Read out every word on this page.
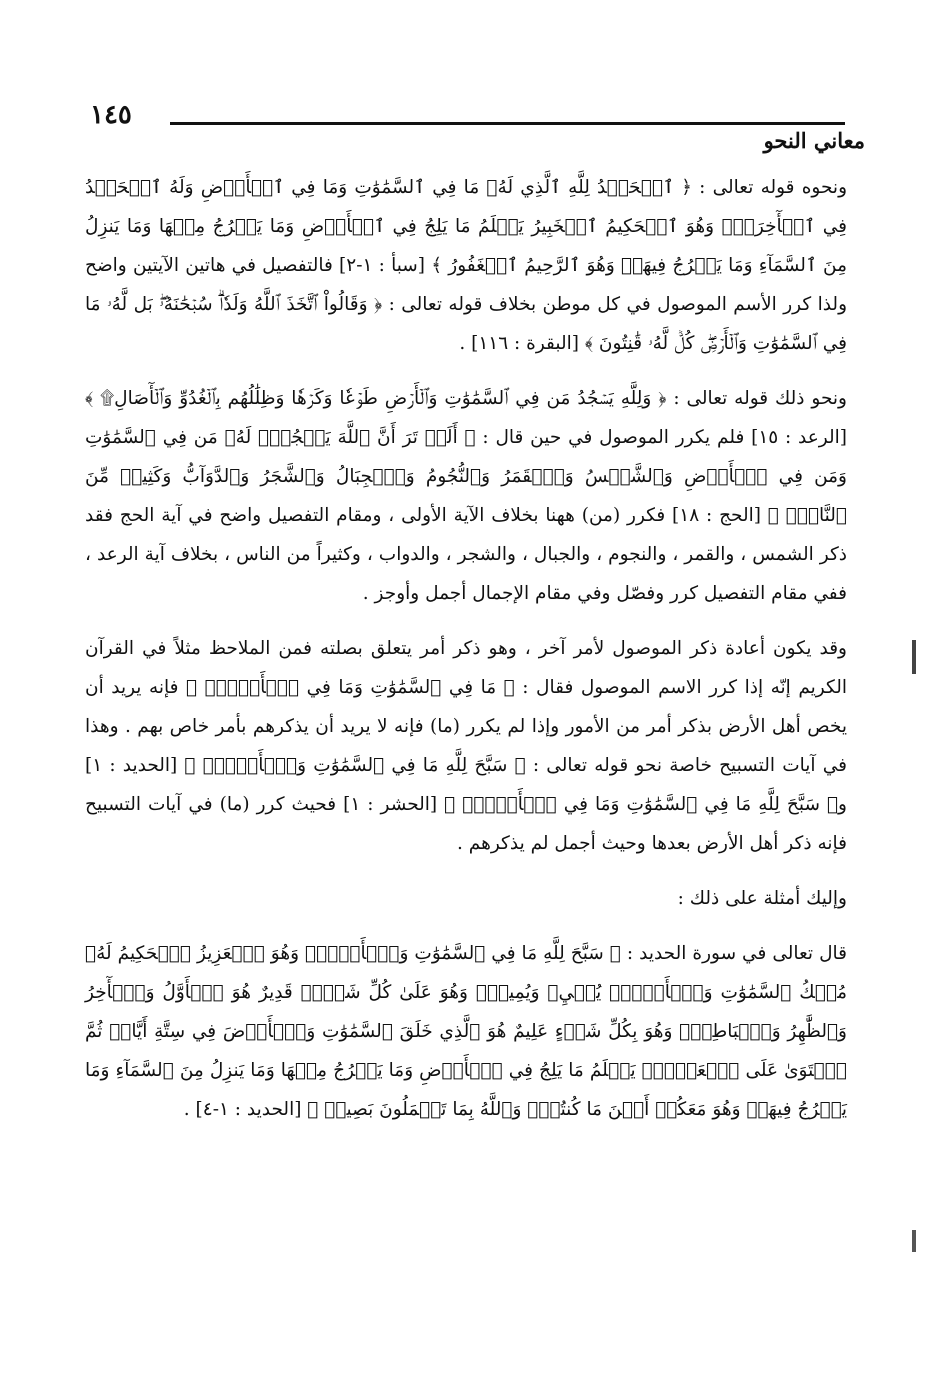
١٤٥
معاني النحو

ونحوه قوله تعالى : ﴿ ٱلۡحَمۡدُ لِلَّهِ ٱلَّذِي لَهُۥ مَا فِي ٱلسَّمَٰوَٰتِ وَمَا فِي ٱلۡأَرۡضِ وَلَهُ ٱلۡحَمۡدُ فِي ٱلۡأٓخِرَةِۚ وَهُوَ ٱلۡحَكِيمُ ٱلۡخَبِيرُ يَعۡلَمُ مَا يَلِجُ فِي ٱلۡأَرۡضِ وَمَا يَخۡرُجُ مِنۡهَا وَمَا يَنزِلُ مِنَ ٱلسَّمَآءِ وَمَا يَعۡرُجُ فِيهَاۚ وَهُوَ ٱلرَّحِيمُ ٱلۡغَفُورُ ﴾ [سبأ : ١-٢] فالتفصيل في هاتين الآيتين واضح ولذا كرر الأسم الموصول في كل موطن بخلاف قوله تعالى : ﴿ وَقَالُواْ ٱتَّخَذَ ٱللَّهُ وَلَدٗاۗ سُبۡحَٰنَهُۥۖ بَل لَّهُۥ مَا فِي ٱلسَّمَٰوَٰتِ وَٱلۡأَرۡضِۖ كُلّٞ لَّهُۥ قَٰنِتُونَ ﴾ [البقرة : ١١٦] .

ونحو ذلك قوله تعالى : ﴿ وَلِلَّهِ يَسۡجُدُ مَن فِي ٱلسَّمَٰوَٰتِ وَٱلۡأَرۡضِ طَوۡعٗا وَكَرۡهٗا وَظِلَٰلُهُم بِٱلۡغُدُوِّ وَٱلۡأٓصَالِ۩ ﴾ [الرعد : ١٥] فلم يكرر الموصول في حين قال : ﴿ أَلَمۡ تَرَ أَنَّ ٱللَّهَ يَسۡجُدُۤ لَهُۥ مَن فِي ٱلسَّمَٰوَٰتِ وَمَن فِي ٱلۡأَرۡضِ وَٱلشَّمۡسُ وَٱلۡقَمَرُ وَٱلنُّجُومُ وَٱلۡجِبَالُ وَٱلشَّجَرُ وَٱلدَّوَآبُّ وَكَثِيرٞ مِّنَ ٱلنَّاسِۖ ﴾ [الحج : ١٨] فكرر (من) ههنا بخلاف الآية الأولى ، ومقام التفصيل واضح في آية الحج فقد ذكر الشمس ، والقمر ، والنجوم ، والجبال ، والشجر ، والدواب ، وكثيراً من الناس ، بخلاف آية الرعد ، ففي مقام التفصيل كرر وفصّل وفي مقام الإجمال أجمل وأوجز .

وقد يكون أعادة ذكر الموصول لأمر آخر ، وهو ذكر أمر يتعلق بصلته فمن الملاحظ مثلاً في القرآن الكريم إنّه إذا كرر الاسم الموصول فقال : ﴿ مَا فِي ٱلسَّمَٰوَٰتِ وَمَا فِي ٱلۡأَرۡضِۗ ﴾ فإنه يريد أن يخص أهل الأرض بذكر أمر من الأمور وإذا لم يكرر (ما) فإنه لا يريد أن يذكرهم بأمر خاص بهم . وهذا في آيات التسبيح خاصة نحو قوله تعالى : ﴿ سَبَّحَ لِلَّهِ مَا فِي ٱلسَّمَٰوَٰتِ وَٱلۡأَرۡضِۖ ﴾ [الحديد : ١] و﴿ سَبَّحَ لِلَّهِ مَا فِي ٱلسَّمَٰوَٰتِ وَمَا فِي ٱلۡأَرۡضِۖ ﴾ [الحشر : ١] فحيث كرر (ما) في آيات التسبيح فإنه ذكر أهل الأرض بعدها وحيث أجمل لم يذكرهم .

وإليك أمثلة على ذلك :

قال تعالى في سورة الحديد : ﴿ سَبَّحَ لِلَّهِ مَا فِي ٱلسَّمَٰوَٰتِ وَٱلۡأَرۡضِۖ وَهُوَ ٱلۡعَزِيزُ ٱلۡحَكِيمُ لَهُۥ مُلۡكُ ٱلسَّمَٰوَٰتِ وَٱلۡأَرۡضِۖ يُحۡيِۦ وَيُمِيتُۖ وَهُوَ عَلَىٰ كُلِّ شَيۡءٖ قَدِيرٌ هُوَ ٱلۡأَوَّلُ وَٱلۡأٓخِرُ وَٱلظَّٰهِرُ وَٱلۡبَاطِنُۖ وَهُوَ بِكُلِّ شَيۡءٍ عَلِيمٌ هُوَ ٱلَّذِي خَلَقَ ٱلسَّمَٰوَٰتِ وَٱلۡأَرۡضَ فِي سِتَّةِ أَيَّامٖ ثُمَّ ٱسۡتَوَىٰ عَلَى ٱلۡعَرۡشِۖ يَعۡلَمُ مَا يَلِجُ فِي ٱلۡأَرۡضِ وَمَا يَخۡرُجُ مِنۡهَا وَمَا يَنزِلُ مِنَ ٱلسَّمَآءِ وَمَا يَعۡرُجُ فِيهَاۖ وَهُوَ مَعَكُمۡ أَيۡنَ مَا كُنتُمۡۚ وَٱللَّهُ بِمَا تَعۡمَلُونَ بَصِيرٞ ﴾ [الحديد : ١-٤] .
